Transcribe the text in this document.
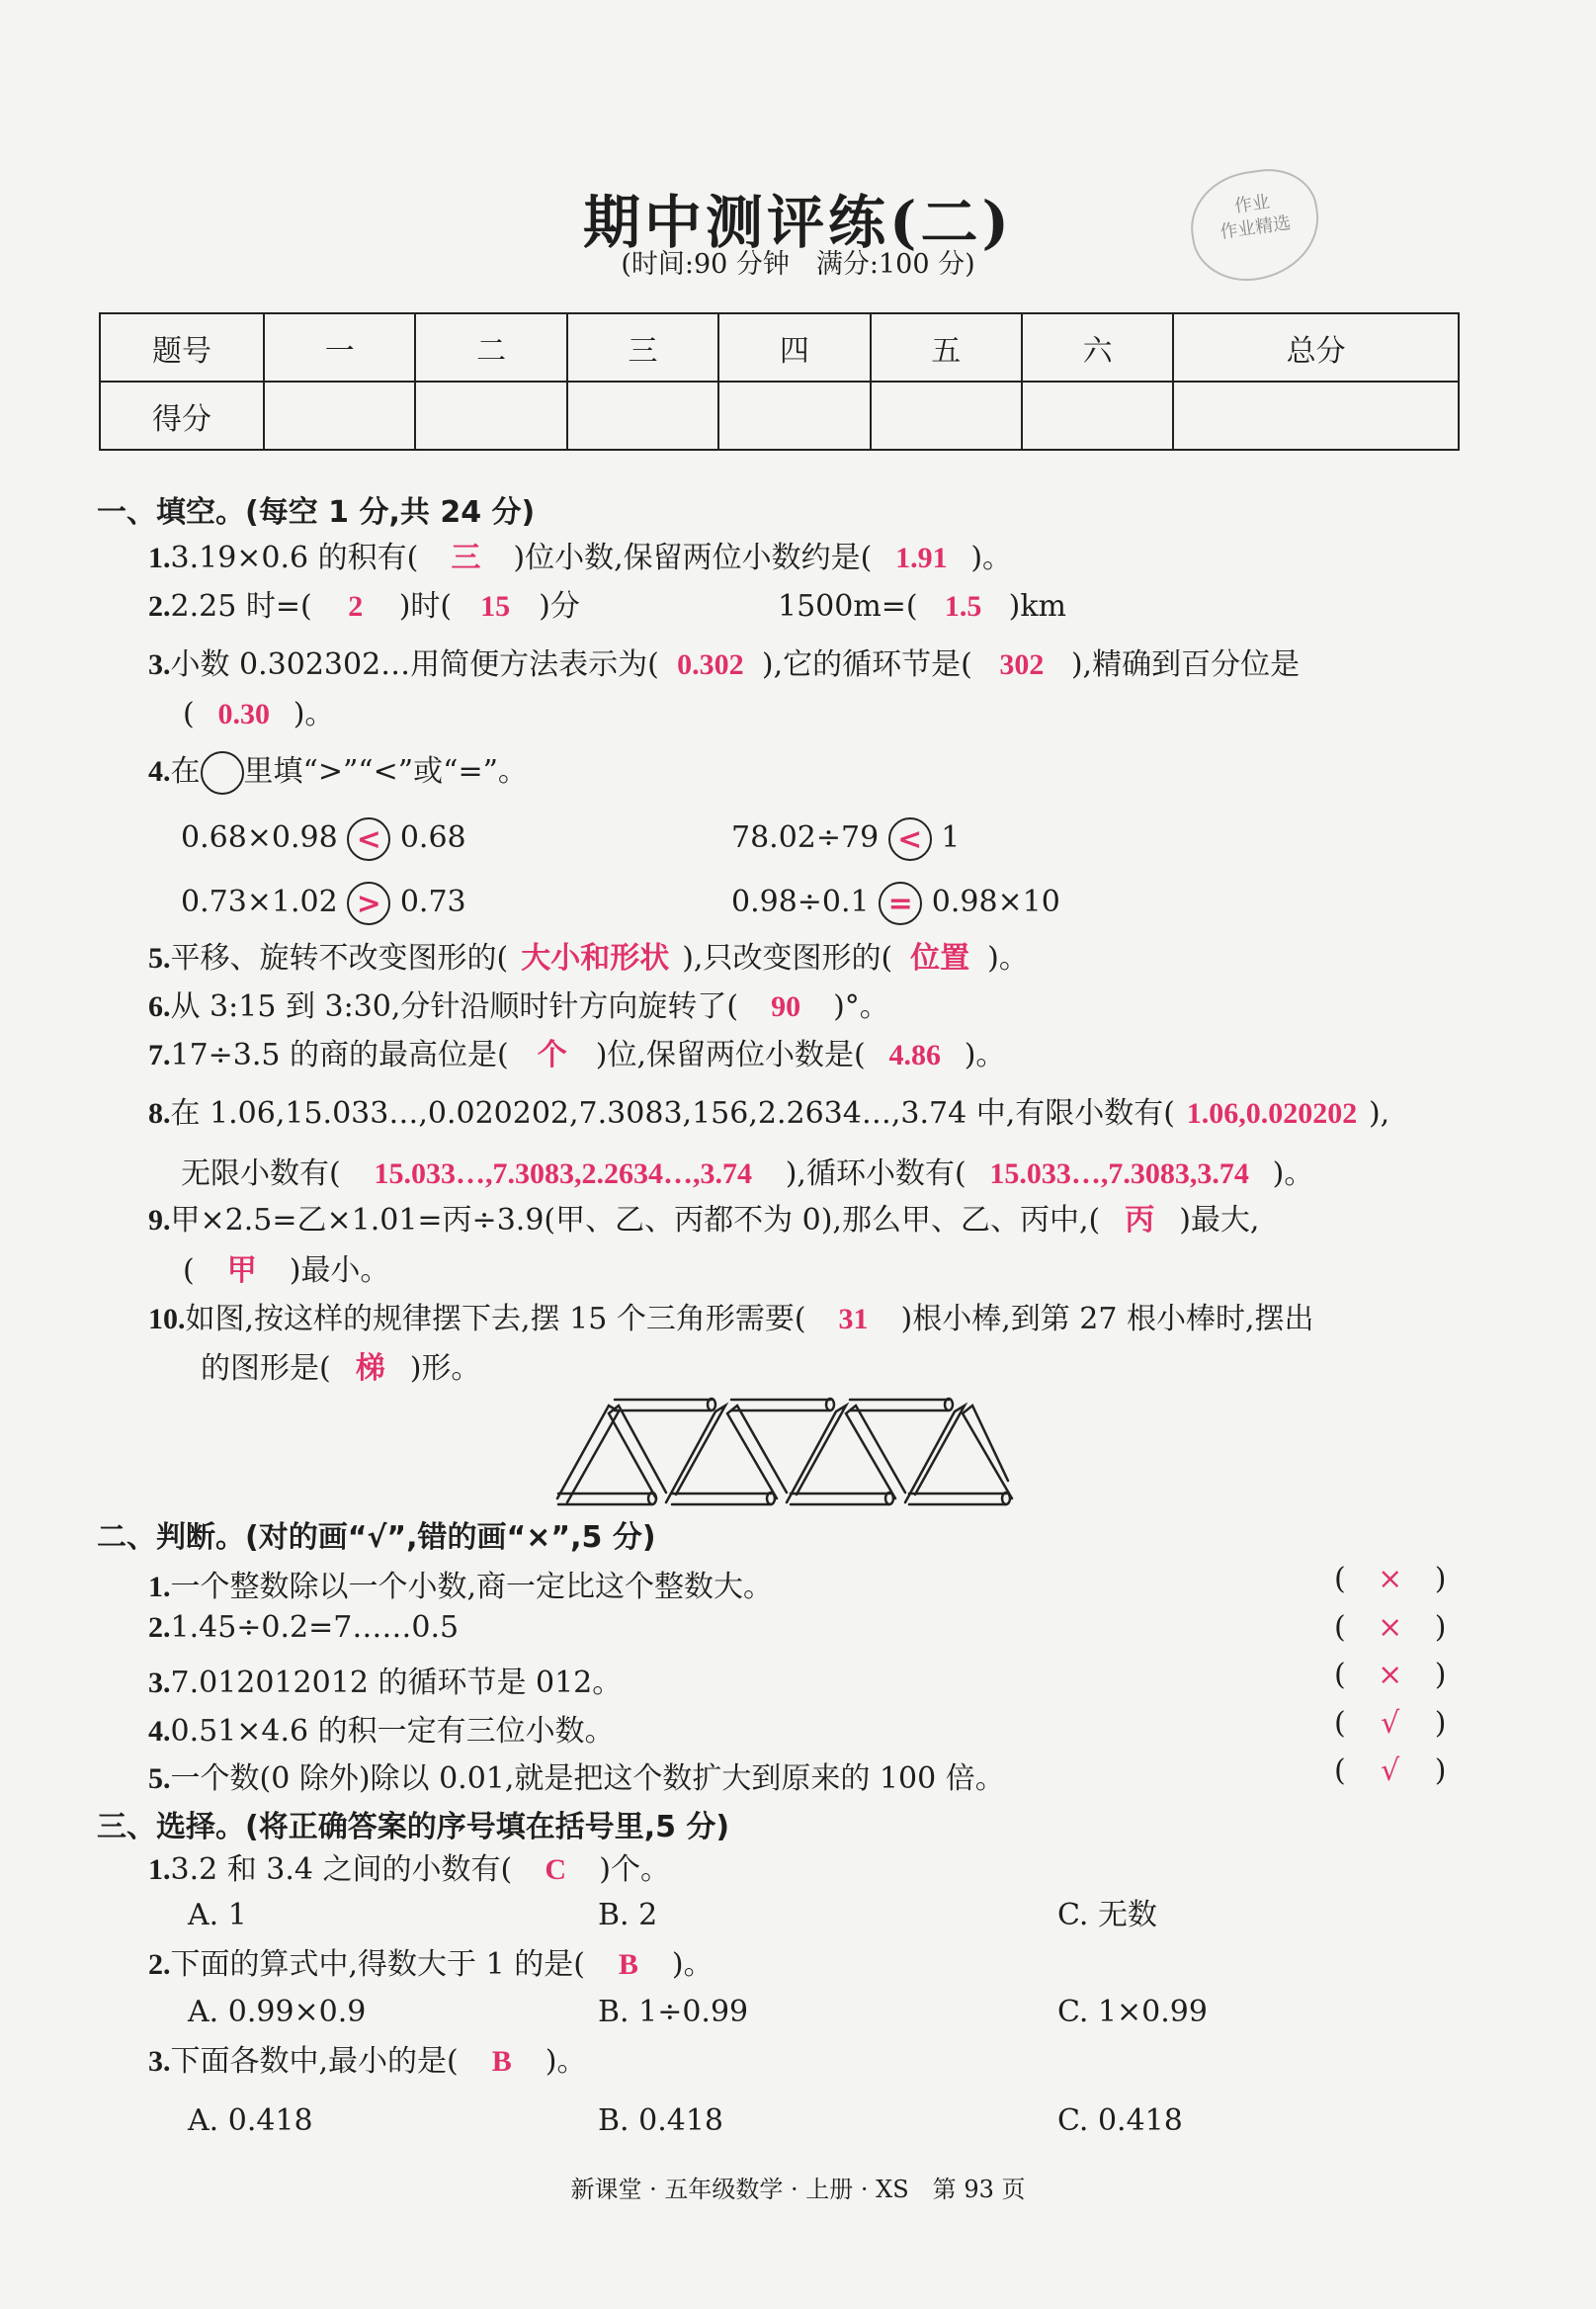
作业
作业精选
期中测评练(二)
(时间:90 分钟　满分:100 分)
题号	一	二	三	四	五	六	总分
得分							
一、填空。(每空 1 分,共 24 分)
1.3.19×0.6 的积有( 三 )位小数,保留两位小数约是( 1.91 )。
2.2.25 时=( 2 )时( 15 )分	1500m=( 1.5 )km
3.小数 0.302302…用简便方法表示为( 0.302 ),它的循环节是( 302 ),精确到百分位是
( 0.30 )。
4.在 里填“>”“<”或“=”。
0.68×0.98 < 0.68	78.02÷79 < 1
0.73×1.02 > 0.73	0.98÷0.1 = 0.98×10
5.平移、旋转不改变图形的( 大小和形状 ),只改变图形的( 位置 )。
6.从 3:15 到 3:30,分针沿顺时针方向旋转了( 90 )°。
7.17÷3.5 的商的最高位是( 个 )位,保留两位小数是( 4.86 )。
8.在 1.06,15.033…,0.020202,7.3083,156,2.2634…,3.74 中,有限小数有( 1.06,0.020202 ),
无限小数有( 15.033…,7.3083,2.2634…,3.74 ),循环小数有( 15.033…,7.3083,3.74 )。
9.甲×2.5=乙×1.01=丙÷3.9(甲、乙、丙都不为 0),那么甲、乙、丙中,( 丙 )最大,
( 甲 )最小。
10.如图,按这样的规律摆下去,摆 15 个三角形需要( 31 )根小棒,到第 27 根小棒时,摆出
的图形是( 梯 )形。
二、判断。(对的画“√”,错的画“×”,5 分)
1.一个整数除以一个小数,商一定比这个整数大。	( × )
2.1.45÷0.2=7……0.5	( × )
3.7.012012012 的循环节是 012。	( × )
4.0.51×4.6 的积一定有三位小数。	( √ )
5.一个数(0 除外)除以 0.01,就是把这个数扩大到原来的 100 倍。	( √ )
三、选择。(将正确答案的序号填在括号里,5 分)
1.3.2 和 3.4 之间的小数有( C )个。
A. 1	B. 2	C. 无数
2.下面的算式中,得数大于 1 的是( B )。
A. 0.99×0.9	B. 1÷0.99	C. 1×0.99
3.下面各数中,最小的是( B )。
A. 0.418	B. 0.418	C. 0.418
新课堂 · 五年级数学 · 上册 · XS　第 93 页
